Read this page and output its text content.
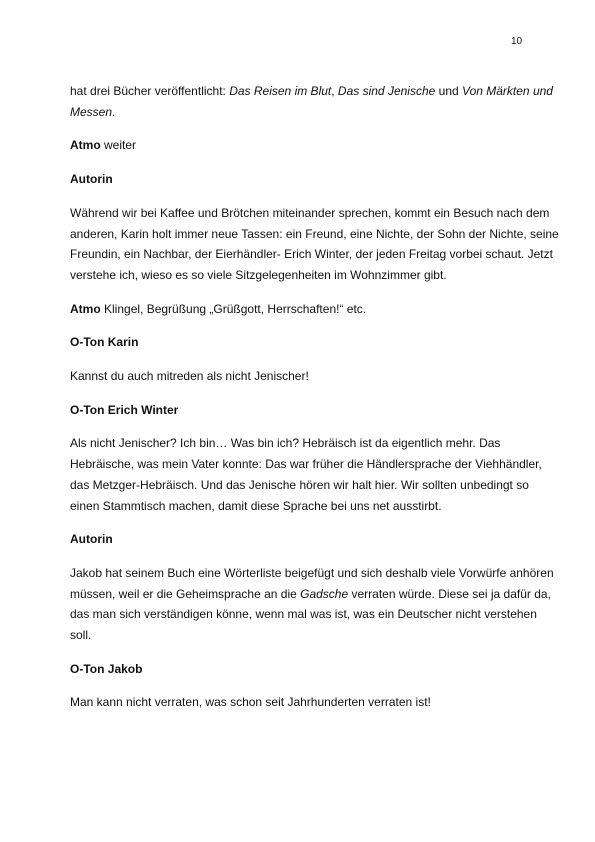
10

hat drei Bücher veröffentlicht: Das Reisen im Blut, Das sind Jenische und Von Märkten und Messen.

Atmo weiter

Autorin

Während wir bei Kaffee und Brötchen miteinander sprechen, kommt ein Besuch nach dem anderen, Karin holt immer neue Tassen: ein Freund, eine Nichte, der Sohn der Nichte, seine Freundin, ein Nachbar, der Eierhändler- Erich Winter, der jeden Freitag vorbei schaut. Jetzt verstehe ich, wieso es so viele Sitzgelegenheiten im Wohnzimmer gibt.

Atmo Klingel, Begrüßung „Grüßgott, Herrschaften!“ etc.

O-Ton Karin

Kannst du auch mitreden als nicht Jenischer!

O-Ton Erich Winter

Als nicht Jenischer? Ich bin… Was bin ich? Hebräisch ist da eigentlich mehr. Das Hebräische, was mein Vater konnte: Das war früher die Händlersprache der Viehhändler, das Metzger-Hebräisch. Und das Jenische hören wir halt hier. Wir sollten unbedingt so einen Stammtisch machen, damit diese Sprache bei uns net ausstirbt.

Autorin

Jakob hat seinem Buch eine Wörterliste beigefügt und sich deshalb viele Vorwürfe anhören müssen, weil er die Geheimsprache an die Gadsche verraten würde. Diese sei ja dafür da, das man sich verständigen könne, wenn mal was ist, was ein Deutscher nicht verstehen soll.

O-Ton Jakob

Man kann nicht verraten, was schon seit Jahrhunderten verraten ist!
